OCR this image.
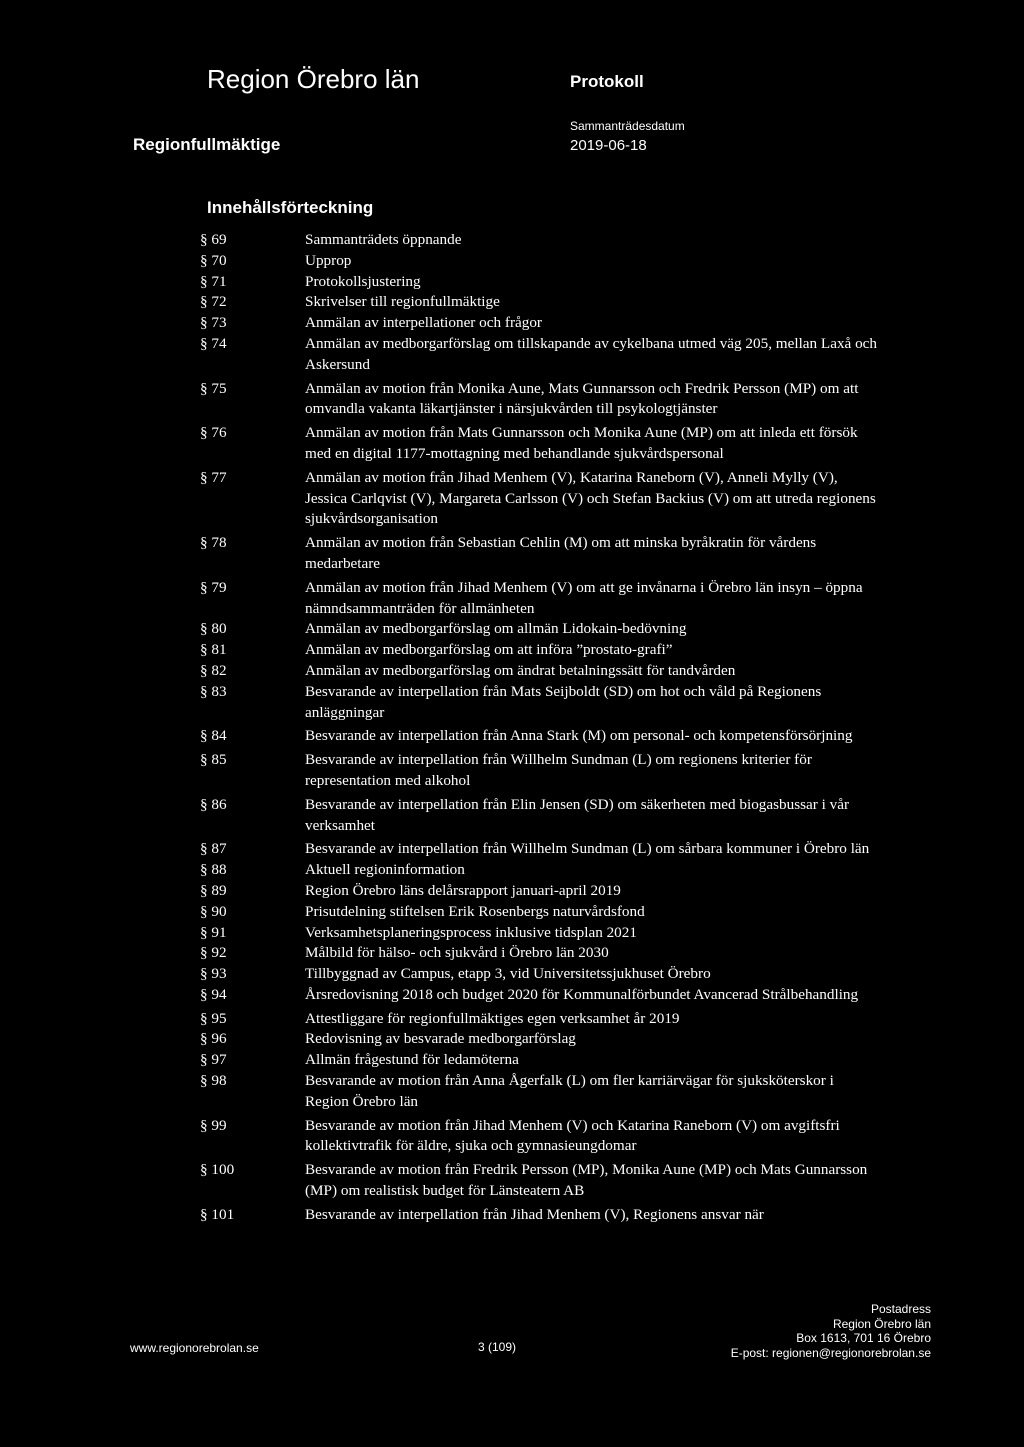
Region Örebro län	Protokoll
Regionfullmäktige
Sammanträdesdatum
2019-06-18
Innehållsförteckning
§ 69	Sammanträdets öppnande
§ 70	Upprop
§ 71	Protokollsjustering
§ 72	Skrivelser till regionfullmäktige
§ 73	Anmälan av interpellationer och frågor
§ 74	Anmälan av medborgarförslag om tillskapande av cykelbana utmed väg 205, mellan Laxå och Askersund
§ 75	Anmälan av motion från Monika Aune, Mats Gunnarsson och Fredrik Persson (MP) om att omvandla vakanta läkartjänster i närsjukvården till psykologtjänster
§ 76	Anmälan av motion från Mats Gunnarsson och Monika Aune (MP) om att inleda ett försök med en digital 1177-mottagning med behandlande sjukvårdspersonal
§ 77	Anmälan av motion från Jihad Menhem (V), Katarina Raneborn (V), Anneli Mylly (V), Jessica Carlqvist (V), Margareta Carlsson (V) och Stefan Backius (V) om att utreda regionens sjukvårdsorganisation
§ 78	Anmälan av motion från Sebastian Cehlin (M) om att minska byråkratin för vårdens medarbetare
§ 79	Anmälan av motion från Jihad Menhem (V) om att ge invånarna i Örebro län insyn – öppna nämndsammanträden för allmänheten
§ 80	Anmälan av medborgarförslag om allmän Lidokain-bedövning
§ 81	Anmälan av medborgarförslag om att införa ”prostato-grafi”
§ 82	Anmälan av medborgarförslag om ändrat betalningssätt för tandvården
§ 83	Besvarande av interpellation från Mats Seijboldt (SD) om hot och våld på Regionens anläggningar
§ 84	Besvarande av interpellation från Anna Stark (M) om personal- och kompetensförsörjning
§ 85	Besvarande av interpellation från Willhelm Sundman (L) om regionens kriterier för representation med alkohol
§ 86	Besvarande av interpellation från Elin Jensen (SD) om säkerheten med biogasbussar i vår verksamhet
§ 87	Besvarande av interpellation från Willhelm Sundman (L) om sårbara kommuner i Örebro län
§ 88	Aktuell regioninformation
§ 89	Region Örebro läns delårsrapport januari-april 2019
§ 90	Prisutdelning stiftelsen Erik Rosenbergs naturvårdsfond
§ 91	Verksamhetsplaneringsprocess inklusive tidsplan 2021
§ 92	Målbild för hälso- och sjukvård i Örebro län 2030
§ 93	Tillbyggnad av Campus, etapp 3, vid Universitetssjukhuset Örebro
§ 94	Årsredovisning 2018 och budget 2020 för Kommunalförbundet Avancerad Strålbehandling
§ 95	Attestliggare för regionfullmäktiges egen verksamhet år 2019
§ 96	Redovisning av besvarade medborgarförslag
§ 97	Allmän frågestund för ledamöterna
§ 98	Besvarande av motion från Anna Ågerfalk (L) om fler karriärvägar för sjuksköterskor i Region Örebro län
§ 99	Besvarande av motion från Jihad Menhem (V) och Katarina Raneborn (V) om avgiftsfri kollektivtrafik för äldre, sjuka och gymnasieungdomar
§ 100	Besvarande av motion från Fredrik Persson (MP), Monika Aune (MP) och Mats Gunnarsson (MP) om realistisk budget för Länsteatern AB
§ 101	Besvarande av interpellation från Jihad Menhem (V), Regionens ansvar när
www.regionorebrolan.se	3 (109)
Postadress
Region Örebro län
Box 1613, 701 16 Örebro
E-post: regionen@regionorebrolan.se
